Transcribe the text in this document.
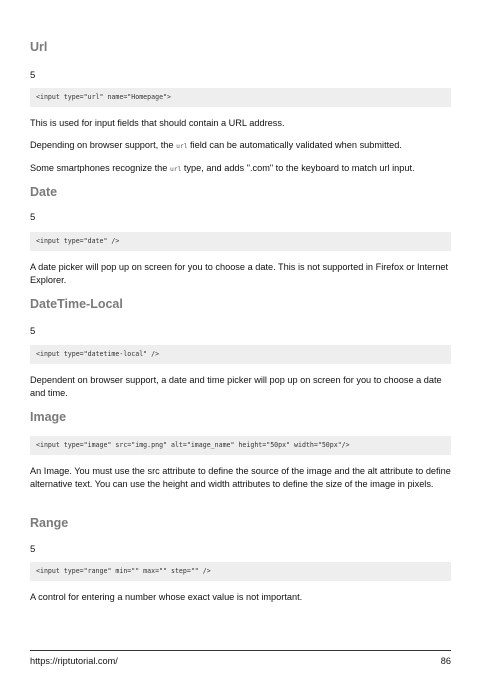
Url
5
<input type="url" name="Homepage">
This is used for input fields that should contain a URL address.
Depending on browser support, the url field can be automatically validated when submitted.
Some smartphones recognize the url type, and adds ".com" to the keyboard to match url input.
Date
5
<input type="date" />
A date picker will pop up on screen for you to choose a date. This is not supported in Firefox or Internet Explorer.
DateTime-Local
5
<input type="datetime-local" />
Dependent on browser support, a date and time picker will pop up on screen for you to choose a date and time.
Image
<input type="image" src="img.png" alt="image_name" height="50px" width="50px"/>
An Image. You must use the src attribute to define the source of the image and the alt attribute to define alternative text. You can use the height and width attributes to define the size of the image in pixels.
Range
5
<input type="range" min="" max="" step="" />
A control for entering a number whose exact value is not important.
https://riptutorial.com/	86
